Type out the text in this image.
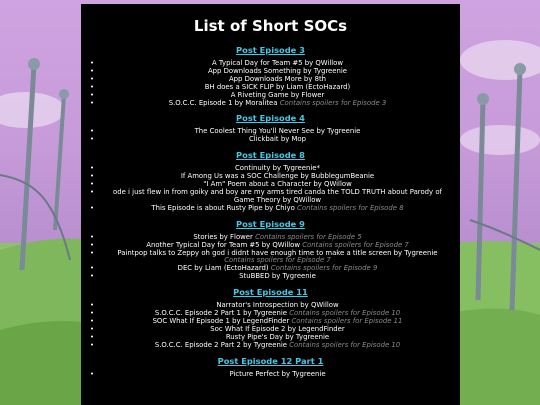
List of Short SOCs
Post Episode 3
• A Typical Day for Team #5 by QWillow
• App Downloads Something by Tygreenie
• App Downloads More by 8th
• BH does a SICK FLIP by Liam (EctoHazard)
• A Riveting Game by Flower
• S.O.C.C. Episode 1 by Moralitea Contains spoilers for Episode 3
Post Episode 4
• The Coolest Thing You'll Never See by Tygreenie
• Clickbait by Mop
Post Episode 8
• Continuity by Tygreenie*
• If Among Us was a SOC Challenge by BubblegumBeanie
• "I Am" Poem about a Character by QWillow
• ode i just flew in from goiky and boy are my arms tired canda the TOLD TRUTH about Parody of Game Theory by QWillow
• This Episode is about Rusty Pipe by Chiyo Contains spoilers for Episode 8
Post Episode 9
• Stories by Flower Contains spoilers for Episode 5
• Another Typical Day for Team #5 by QWillow Contains spoilers for Episode 7
• Paintpop talks to Zeppy oh god i didnt have enough time to make a title screen by Tygreenie Contains spoilers for Episode 7
• DEC by Liam (EctoHazard) Contains spoilers for Episode 9
• StuBBED by Tygreenie
Post Episode 11
• Narrator's Introspection by QWillow
• S.O.C.C. Episode 2 Part 1 by Tygreenie Contains spoilers for Episode 10
• SOC What If Episode 1 by LegendFinder Contains spoilers for Episode 11
• Soc What If Episode 2 by LegendFinder
• Rusty Pipe's Day by Tygreenie
• S.O.C.C. Episode 2 Part 2 by Tygreenie Contains spoilers for Episode 10
Post Episode 12 Part 1
• Picture Perfect by Tygreenie
